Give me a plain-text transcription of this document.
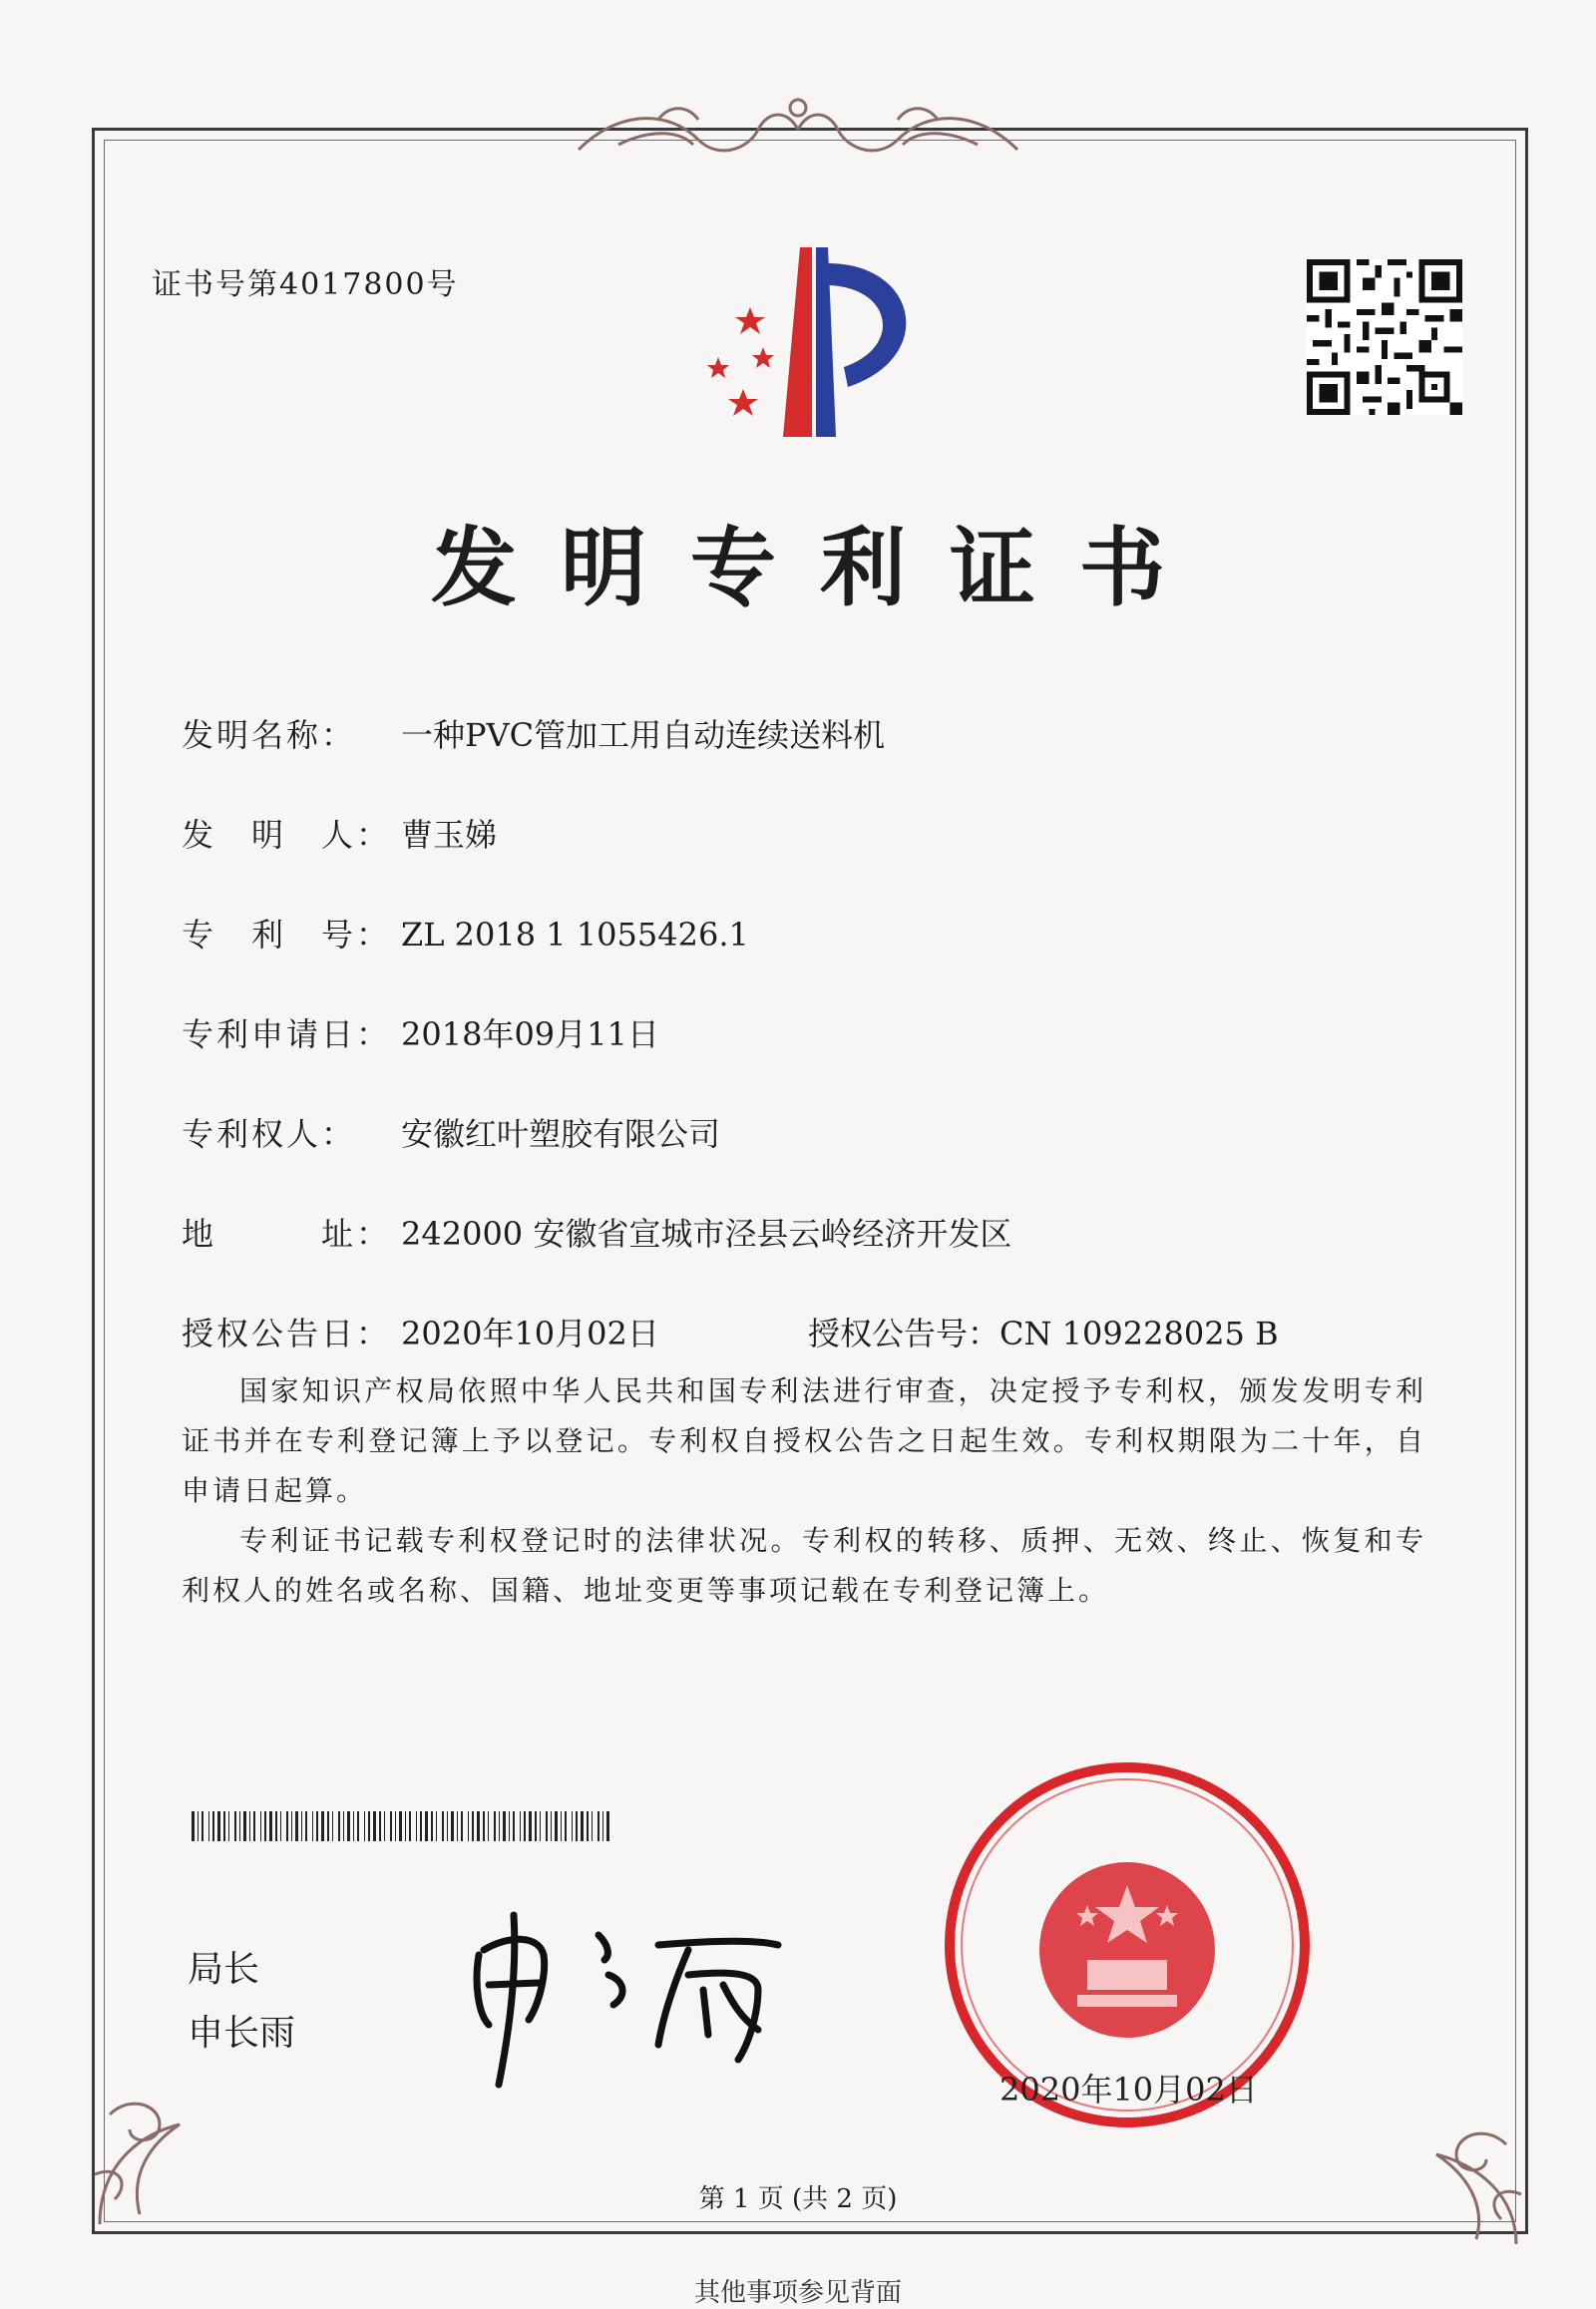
证书号第4017800号
发明专利证书
发明名称： 一种PVC管加工用自动连续送料机
发　明　人： 曹玉娣
专　利　号： ZL 2018 1 1055426.1
专利申请日： 2018年09月11日
专利权人： 安徽红叶塑胶有限公司
地　　　址： 242000 安徽省宣城市泾县云岭经济开发区
授权公告日： 2020年10月02日	授权公告号：CN 109228025 B

国家知识产权局依照中华人民共和国专利法进行审查，决定授予专利权，颁发发明专利证书并在专利登记簿上予以登记。专利权自授权公告之日起生效。专利权期限为二十年，自申请日起算。

专利证书记载专利权登记时的法律状况。专利权的转移、质押、无效、终止、恢复和专利权人的姓名或名称、国籍、地址变更等事项记载在专利登记簿上。

局长
申长雨
2020年10月02日
第 1 页 (共 2 页)
其他事项参见背面
